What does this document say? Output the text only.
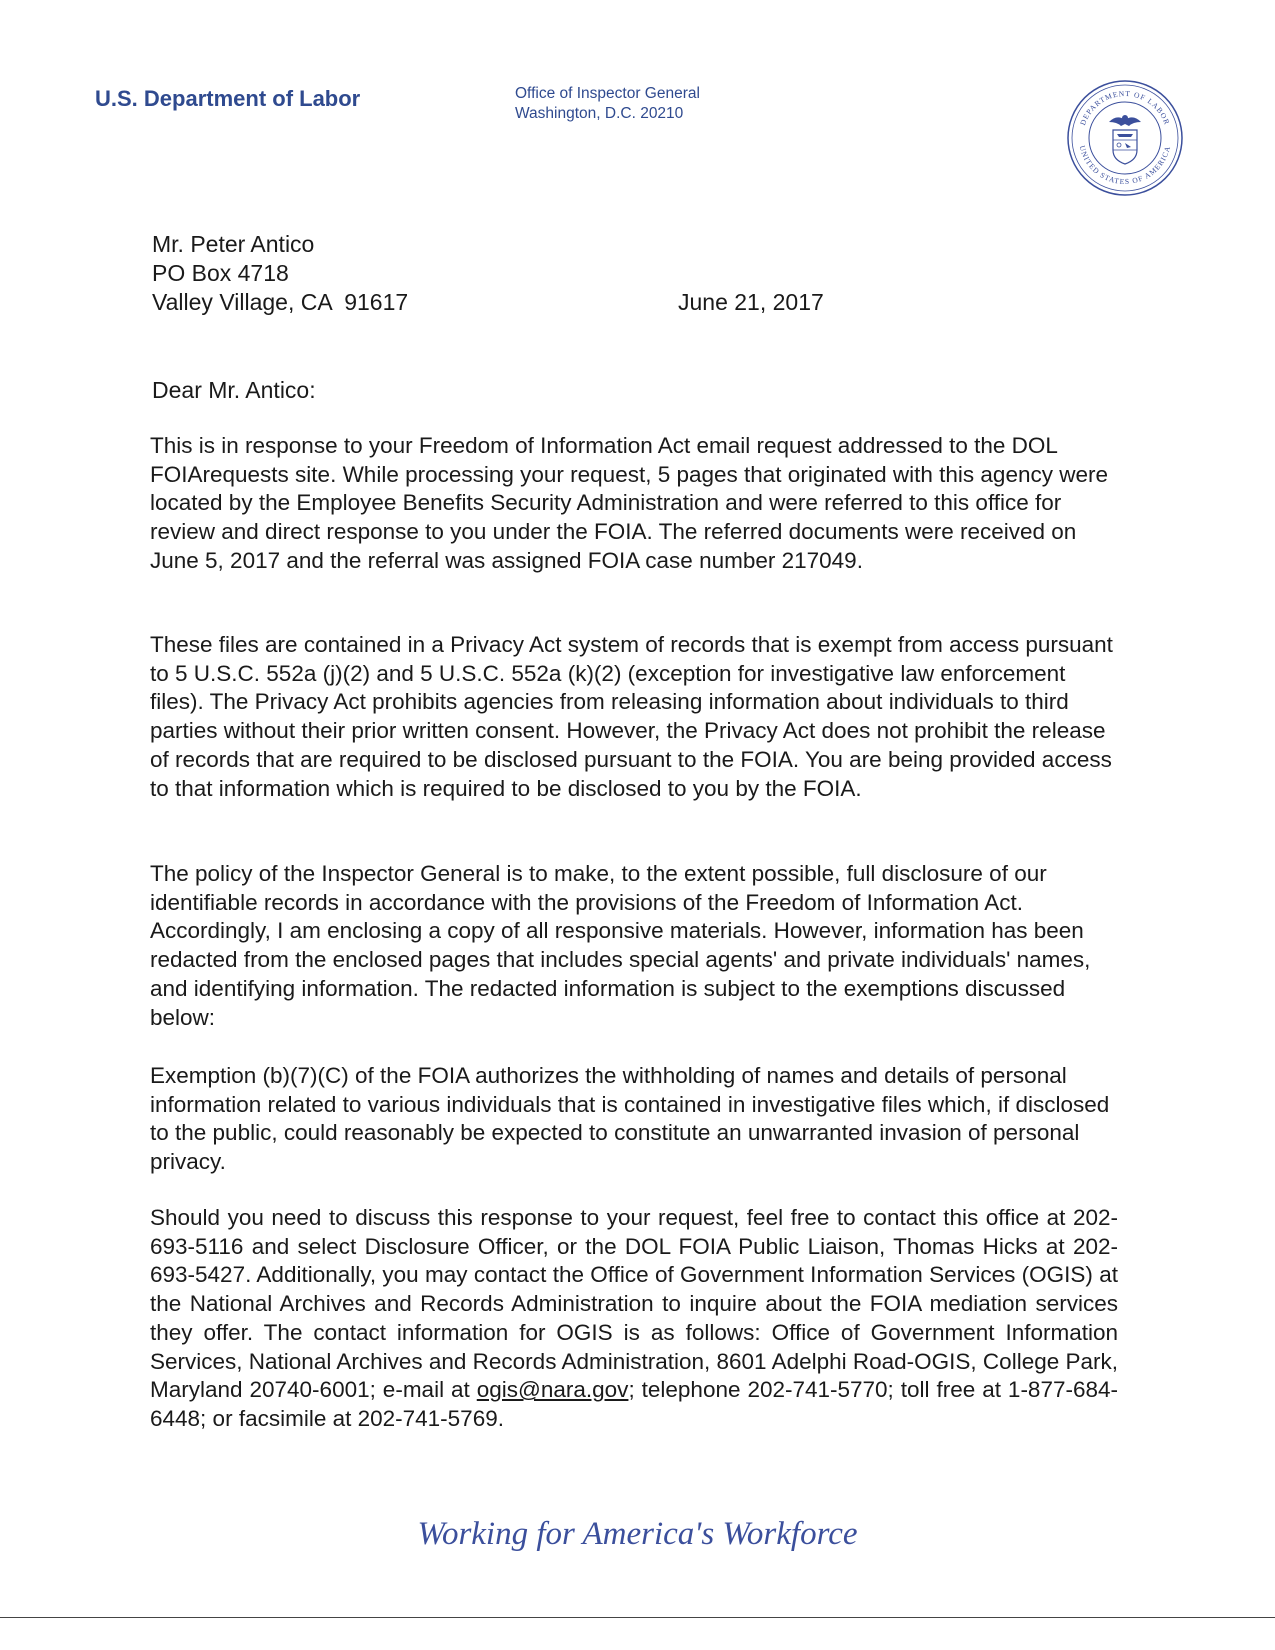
U.S. Department of Labor	Office of Inspector General
Washington, D.C. 20210	DEPARTMENT OF LABOR
UNITED STATES OF AMERICA
Mr. Peter Antico
PO Box 4718
Valley Village, CA  91617	June 21, 2017
Dear Mr. Antico:
This is in response to your Freedom of Information Act email request addressed to the DOL FOIArequests site. While processing your request, 5 pages that originated with this agency were located by the Employee Benefits Security Administration and were referred to this office for review and direct response to you under the FOIA. The referred documents were received on June 5, 2017 and the referral was assigned FOIA case number 217049.
These files are contained in a Privacy Act system of records that is exempt from access pursuant to 5 U.S.C. 552a (j)(2) and 5 U.S.C. 552a (k)(2) (exception for investigative law enforcement files). The Privacy Act prohibits agencies from releasing information about individuals to third parties without their prior written consent. However, the Privacy Act does not prohibit the release of records that are required to be disclosed pursuant to the FOIA. You are being provided access to that information which is required to be disclosed to you by the FOIA.
The policy of the Inspector General is to make, to the extent possible, full disclosure of our identifiable records in accordance with the provisions of the Freedom of Information Act. Accordingly, I am enclosing a copy of all responsive materials. However, information has been redacted from the enclosed pages that includes special agents' and private individuals' names, and identifying information. The redacted information is subject to the exemptions discussed below:
Exemption (b)(7)(C) of the FOIA authorizes the withholding of names and details of personal information related to various individuals that is contained in investigative files which, if disclosed to the public, could reasonably be expected to constitute an unwarranted invasion of personal privacy.
Should you need to discuss this response to your request, feel free to contact this office at 202-693-5116 and select Disclosure Officer, or the DOL FOIA Public Liaison, Thomas Hicks at 202-693-5427. Additionally, you may contact the Office of Government Information Services (OGIS) at the National Archives and Records Administration to inquire about the FOIA mediation services they offer. The contact information for OGIS is as follows: Office of Government Information Services, National Archives and Records Administration, 8601 Adelphi Road-OGIS, College Park, Maryland 20740-6001; e-mail at ogis@nara.gov; telephone 202-741-5770; toll free at 1-877-684-6448; or facsimile at 202-741-5769.
Working for America's Workforce
